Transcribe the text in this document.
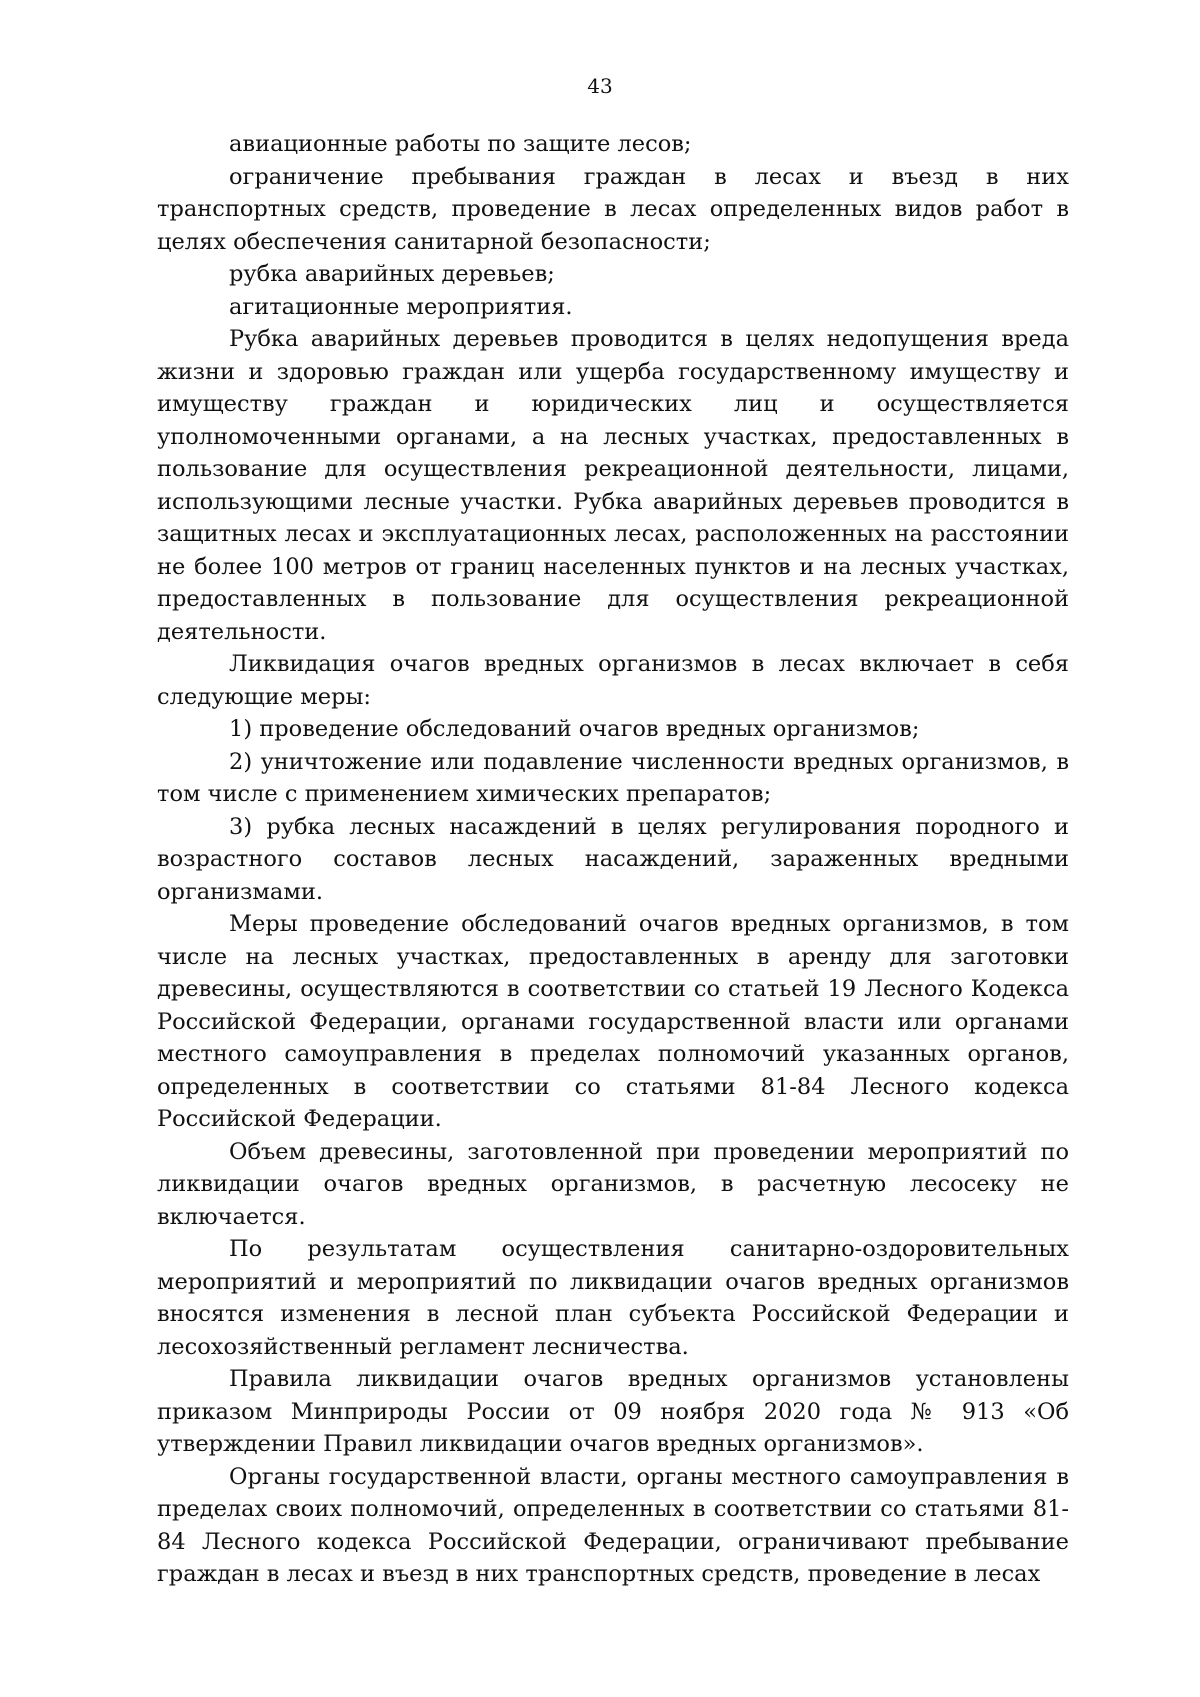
43

авиационные работы по защите лесов;

ограничение пребывания граждан в лесах и въезд в них транспортных средств, проведение в лесах определенных видов работ в целях обеспечения санитарной безопасности;

рубка аварийных деревьев;

агитационные мероприятия.

Рубка аварийных деревьев проводится в целях недопущения вреда жизни и здоровью граждан или ущерба государственному имуществу и имуществу граждан и юридических лиц и осуществляется уполномоченными органами, а на лесных участках, предоставленных в пользование для осуществления рекреационной деятельности, лицами, использующими лесные участки. Рубка аварийных деревьев проводится в защитных лесах и эксплуатационных лесах, расположенных на расстоянии не более 100 метров от границ населенных пунктов и на лесных участках, предоставленных в пользование для осуществления рекреационной деятельности.

Ликвидация очагов вредных организмов в лесах включает в себя следующие меры:

1) проведение обследований очагов вредных организмов;

2) уничтожение или подавление численности вредных организмов, в том числе с применением химических препаратов;

3) рубка лесных насаждений в целях регулирования породного и возрастного составов лесных насаждений, зараженных вредными организмами.

Меры проведение обследований очагов вредных организмов, в том числе на лесных участках, предоставленных в аренду для заготовки древесины, осуществляются в соответствии со статьей 19 Лесного Кодекса Российской Федерации, органами государственной власти или органами местного самоуправления в пределах полномочий указанных органов, определенных в соответствии со статьями 81-84 Лесного кодекса Российской Федерации.

Объем древесины, заготовленной при проведении мероприятий по ликвидации очагов вредных организмов, в расчетную лесосеку не включается.

По результатам осуществления санитарно-оздоровительных мероприятий и мероприятий по ликвидации очагов вредных организмов вносятся изменения в лесной план субъекта Российской Федерации и лесохозяйственный регламент лесничества.

Правила ликвидации очагов вредных организмов установлены приказом Минприроды России от 09 ноября 2020 года № 913 «Об утверждении Правил ликвидации очагов вредных организмов».

Органы государственной власти, органы местного самоуправления в пределах своих полномочий, определенных в соответствии со статьями 81-84 Лесного кодекса Российской Федерации, ограничивают пребывание граждан в лесах и въезд в них транспортных средств, проведение в лесах
